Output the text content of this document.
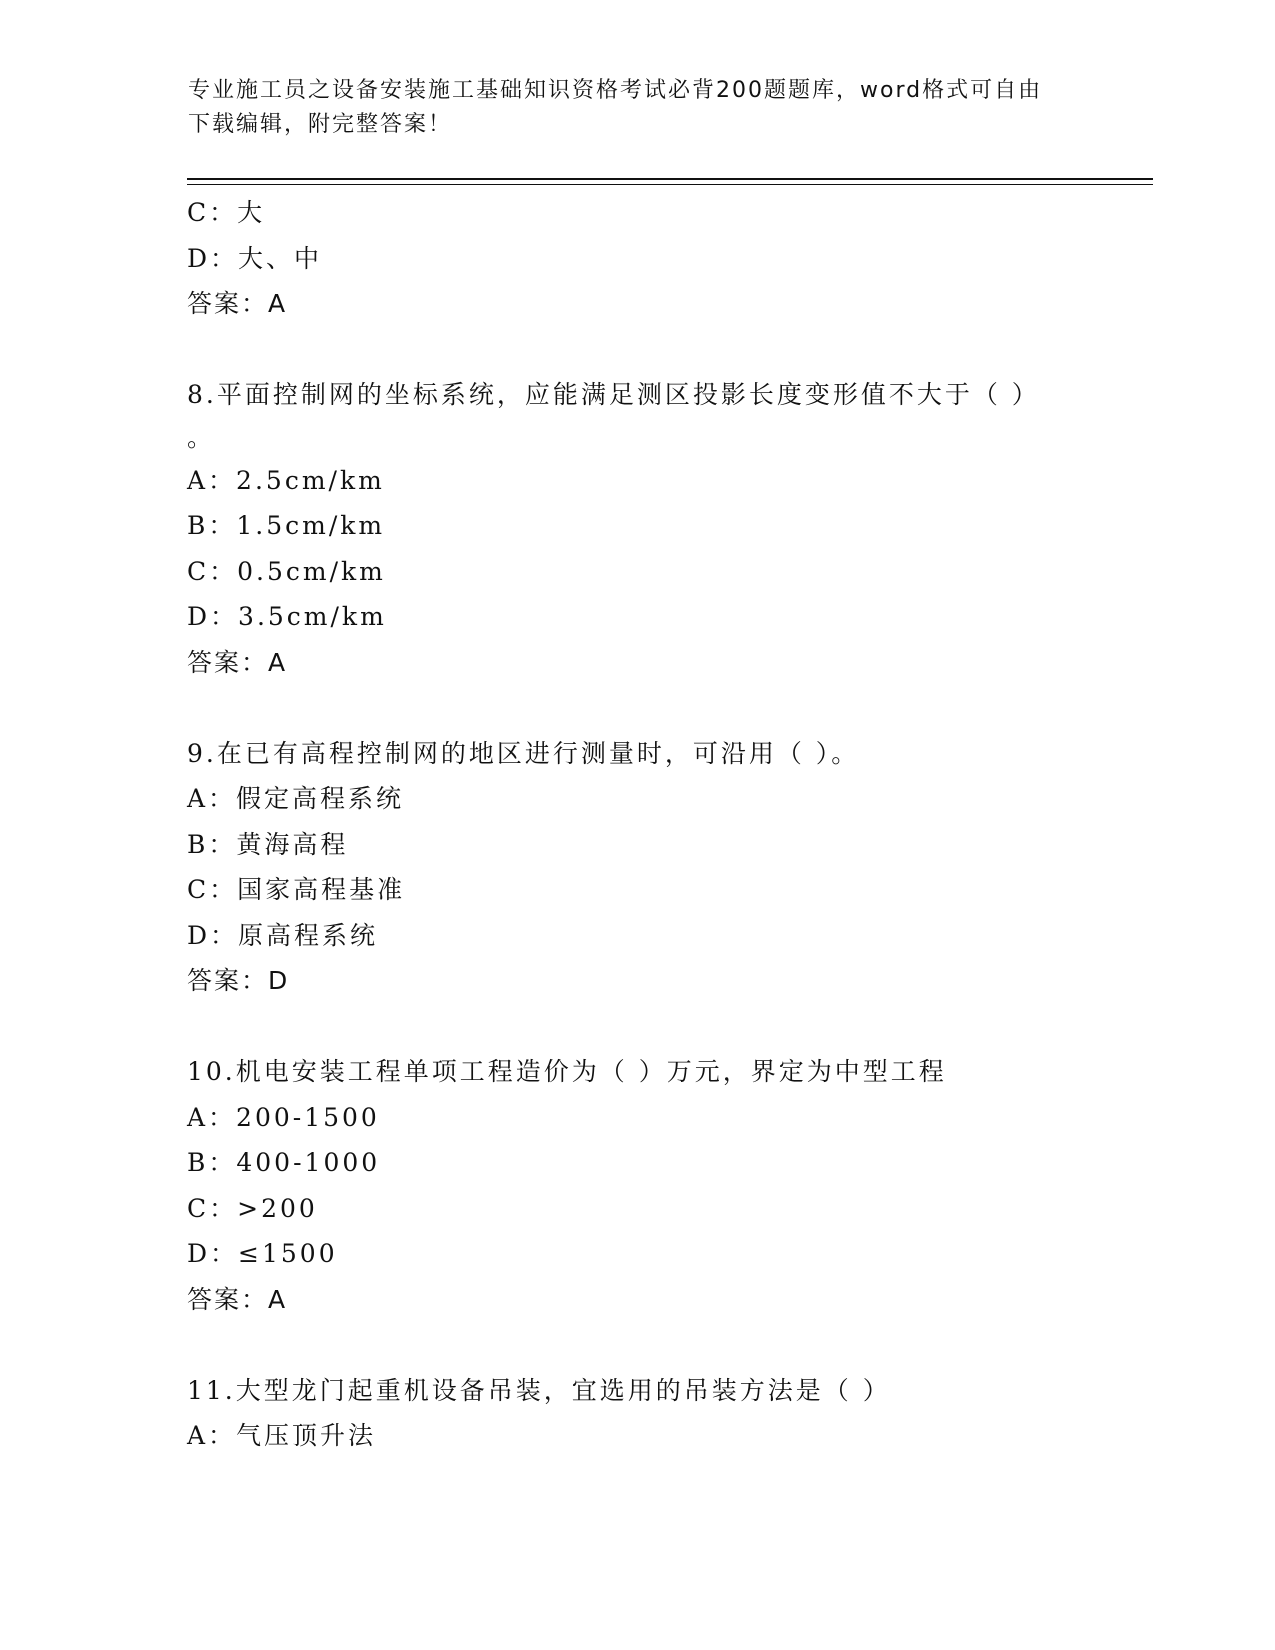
专业施工员之设备安装施工基础知识资格考试必背200题题库，word格式可自由
下载编辑，附完整答案！
C：大
D：大、中
答案：A
8.平面控制网的坐标系统，应能满足测区投影长度变形值不大于（ ）
。
A：2.5cm/km
B：1.5cm/km
C：0.5cm/km
D：3.5cm/km
答案：A
9.在已有高程控制网的地区进行测量时，可沿用（ ）。
A：假定高程系统
B：黄海高程
C：国家高程基准
D：原高程系统
答案：D
10.机电安装工程单项工程造价为（ ）万元，界定为中型工程
A：200-1500
B：400-1000
C：>200
D：≤1500
答案：A
11.大型龙门起重机设备吊装，宜选用的吊装方法是（ ）
A：气压顶升法
